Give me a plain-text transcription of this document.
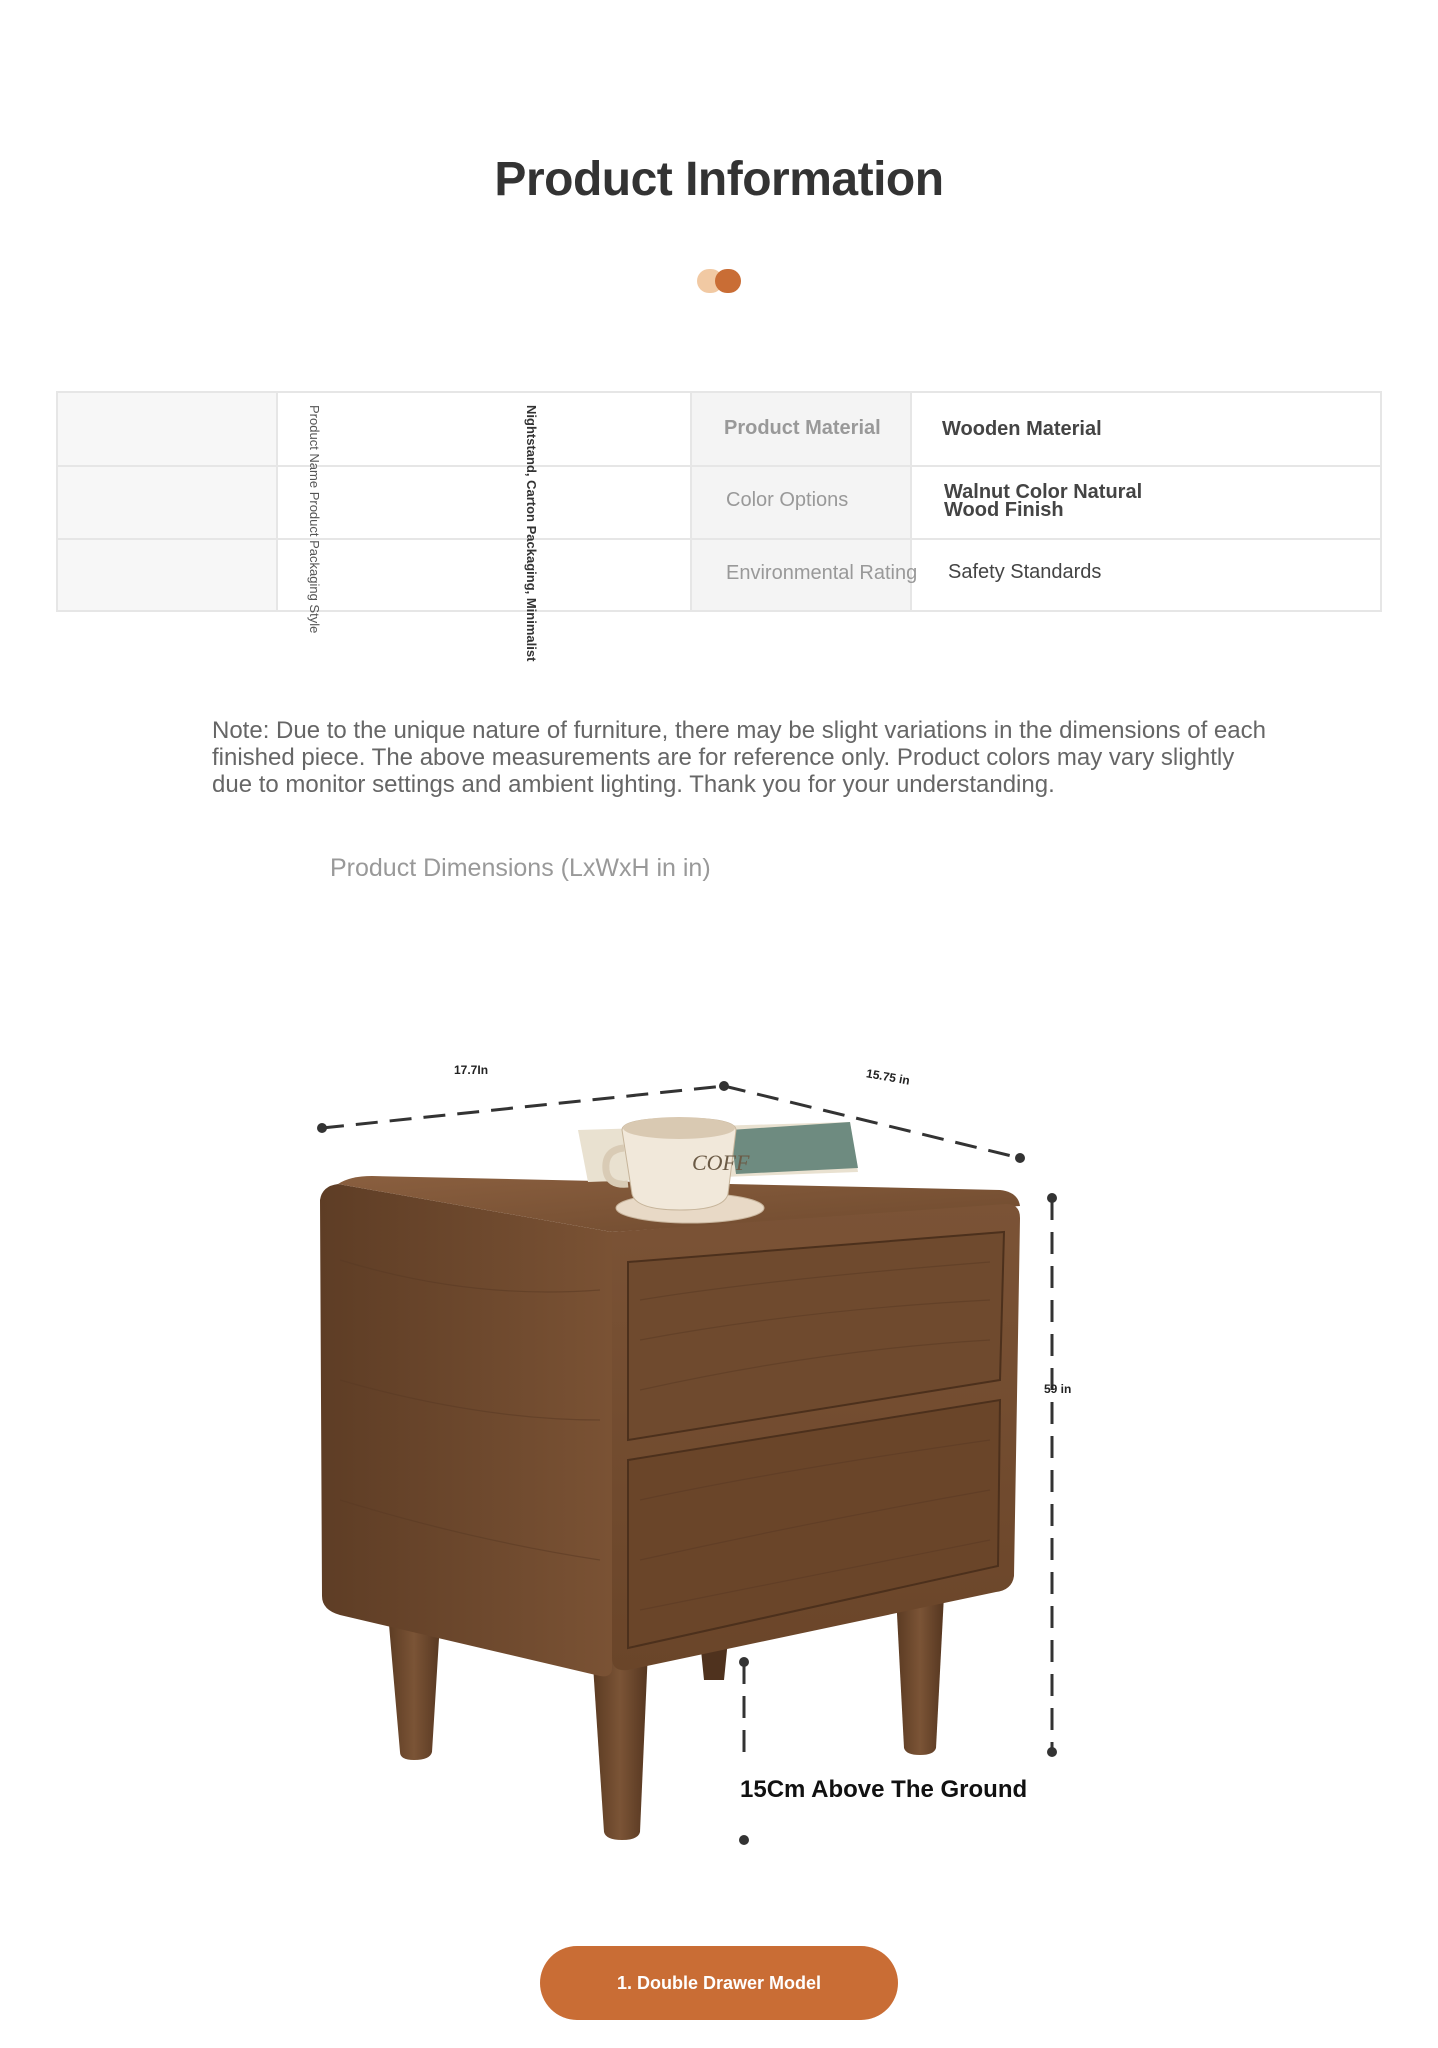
Product Information
Product Name Product Packaging Style	Nightstand, Carton Packaging, Minimalist	Product Material	Wooden Material
Color Options	Walnut Color Natural
Wood Finish
Environmental Rating Safety Standards
Note: Due to the unique nature of furniture, there may be slight variations in the dimensions of each finished piece. The above measurements are for reference only. Product colors may vary slightly due to monitor settings and ambient lighting. Thank you for your understanding.
Product Dimensions (LxWxH in in)
COFF
17.7In	15.75 in
59 in
15Cm Above The Ground
1. Double Drawer Model
